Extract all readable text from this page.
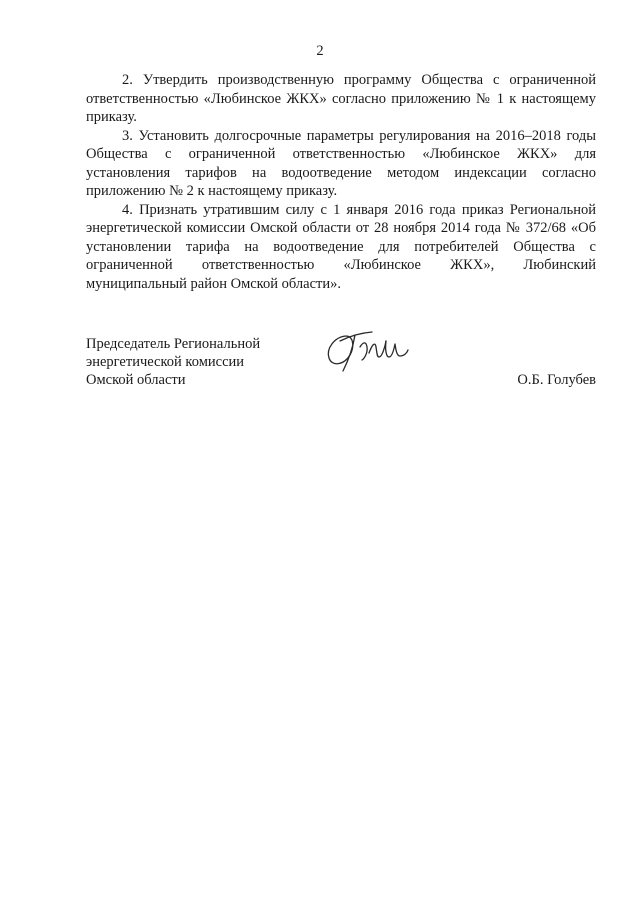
2

2. Утвердить производственную программу Общества с ограниченной ответственностью «Любинское ЖКХ» согласно приложению № 1 к настоящему приказу.

3. Установить долгосрочные параметры регулирования на 2016–2018 годы Общества с ограниченной ответственностью «Любинское ЖКХ» для установления тарифов на водоотведение методом индексации согласно приложению № 2 к настоящему приказу.

4. Признать утратившим силу с 1 января 2016 года приказ Региональной энергетической комиссии Омской области от 28 ноября 2014 года № 372/68 «Об установлении тарифа на водоотведение для потребителей Общества с ограниченной ответственностью «Любинское ЖКХ», Любинский муниципальный район Омской области».

Председатель Региональной
энергетической комиссии
Омской области	О.Б. Голубев
